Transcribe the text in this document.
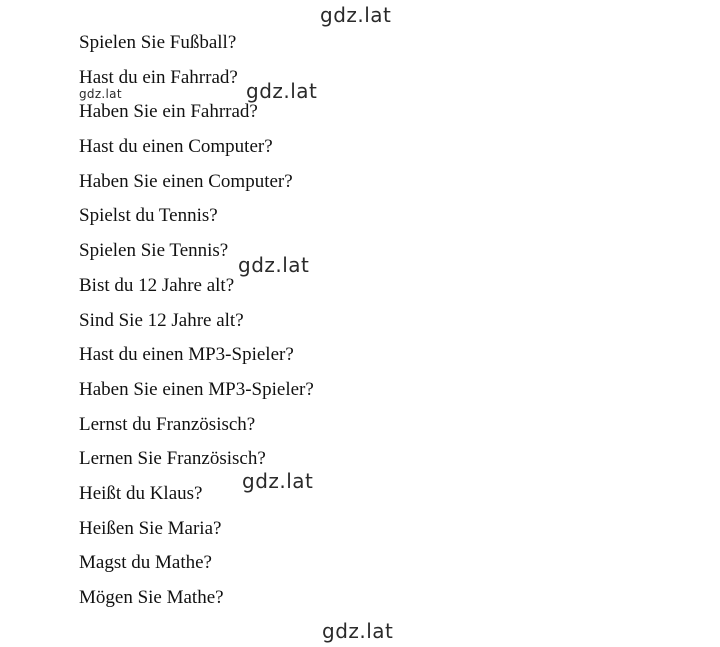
Spielen Sie Fußball?
Hast du ein Fahrrad?
Haben Sie ein Fahrrad?
Hast du einen Computer?
Haben Sie einen Computer?
Spielst du Tennis?
Spielen Sie Tennis?
Bist du 12 Jahre alt?
Sind Sie 12 Jahre alt?
Hast du einen MP3-Spieler?
Haben Sie einen MP3-Spieler?
Lernst du Französisch?
Lernen Sie Französisch?
Heißt du Klaus?
Heißen Sie Maria?
Magst du Mathe?
Mögen Sie Mathe?
gdz.lat
gdz.lat	gdz.lat
gdz.lat
gdz.lat
gdz.lat
